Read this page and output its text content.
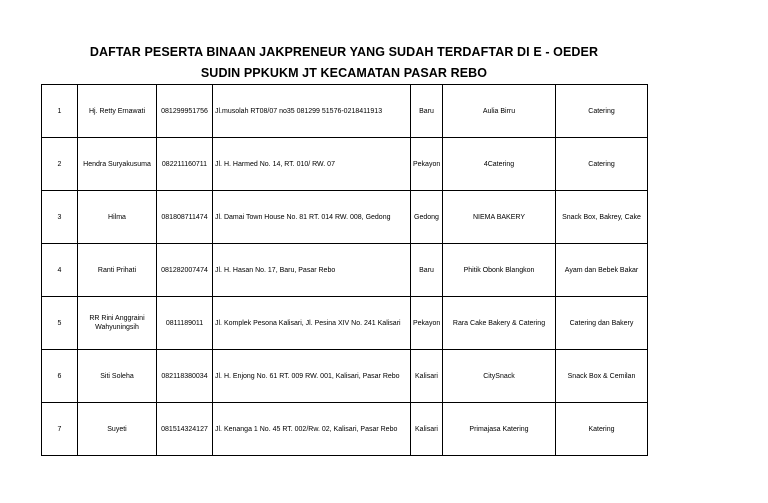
DAFTAR PESERTA BINAAN JAKPRENEUR YANG SUDAH TERDAFTAR DI E - OEDER
SUDIN PPKUKM JT KECAMATAN PASAR REBO
1	Hj. Retty Ernawati	081299951756	Jl.musolah RT08/07 no35 081299 51576-0218411913	Baru	Aulia Birru	Catering
2	Hendra Suryakusuma	082211160711	Jl. H. Harmed No. 14, RT. 010/ RW. 07	Pekayon	4Catering	Catering
3	Hilma	081808711474	Jl. Damai Town House No. 81 RT. 014 RW. 008, Gedong	Gedong	NIEMA BAKERY	Snack Box, Bakrey, Cake
4	Ranti Prihati	081282007474	Jl. H. Hasan No. 17, Baru, Pasar Rebo	Baru	Phitik Obonk Blangkon	Ayam dan Bebek Bakar
5	RR Rini Anggraini Wahyuningsih	0811189011	Jl. Komplek Pesona Kalisari, Jl. Pesina XIV No. 241 Kalisari	Pekayon	Rara Cake Bakery & Catering	Catering dan Bakery
6	Siti Soleha	082118380034	Jl. H. Enjong No. 61 RT. 009 RW. 001, Kalisari, Pasar Rebo	Kalisari	CitySnack	Snack Box & Cemilan
7	Suyeti	081514324127	Jl. Kenanga 1 No. 45 RT. 002/Rw. 02, Kalisari, Pasar Rebo	Kalisari	Primajasa Katering	Katering
